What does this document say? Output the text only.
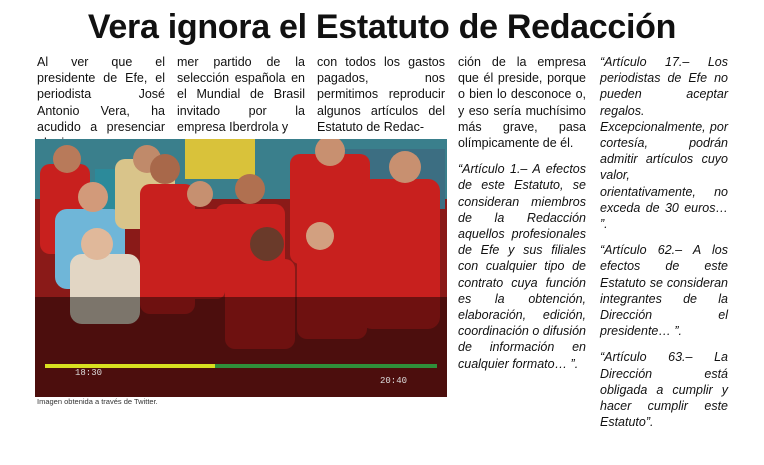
Vera ignora el Estatuto de Redacción

Al ver que el presidente de Efe, el periodista José Antonio Vera, ha acudido a presenciar

mer partido de la selección española en el Mundial de Brasil invitado por la empresa Iberdrola y

con todos los gastos pagados, nos permitimos reproducir algunos artículos del Estatuto de Redac-

ción de la empresa que él preside, porque o bien lo desconoce o, y eso sería muchísimo más grave, pasa olímpicamente de él.

“Artículo 1.– A efectos de este Estatuto, se consideran miembros de la Redacción aquellos profesionales de Efe y sus filiales con cualquier tipo de contrato cuya función es la obtención, elaboración, edición, coordinación o difusión de información en cualquier formato… ”.

“Artículo 17.– Los periodistas de Efe no pueden aceptar regalos. Excepcionalmente, por cortesía, podrán admitir artículos cuyo valor, orientativamente, no exceda de 30 euros… ”.

“Artículo 62.– A los efectos de este Estatuto se consideran integrantes de la Dirección el presidente… ”.

“Artículo 63.– La Dirección está obligada a cumplir y hacer cumplir este Estatuto”.

18:30
20:40
Imagen obtenida a través de Twitter.
